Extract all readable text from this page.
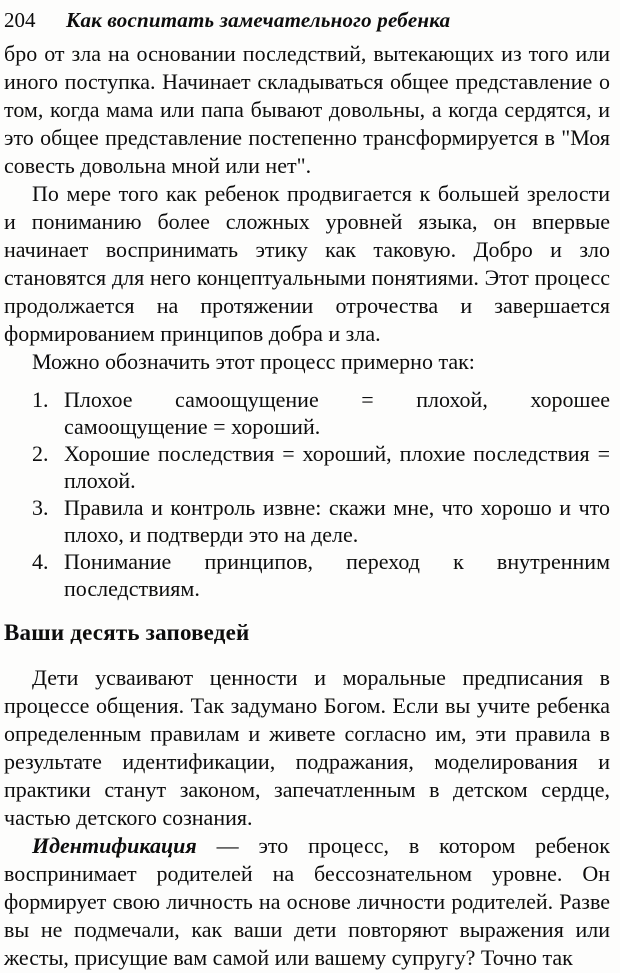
204	Как воспитать замечательного ребенка

бро от зла на основании последствий, вытекающих из того или иного поступка. Начинает складываться общее представление о том, когда мама или папа бывают довольны, а когда сердятся, и это общее представление постепенно трансформируется в "Моя совесть довольна мной или нет".

По мере того как ребенок продвигается к большей зрелости и пониманию более сложных уровней языка, он впервые начинает воспринимать этику как таковую. Добро и зло становятся для него концептуальными понятиями. Этот процесс продолжается на протяжении отрочества и завершается формированием принципов добра и зла.

Можно обозначить этот процесс примерно так:

1. Плохое самоощущение = плохой, хорошее самоощущение = хороший.
2. Хорошие последствия = хороший, плохие последствия = плохой.
3. Правила и контроль извне: скажи мне, что хорошо и что плохо, и подтверди это на деле.
4. Понимание принципов, переход к внутренним последствиям.
Ваши десять заповедей

Дети усваивают ценности и моральные предписания в процессе общения. Так задумано Богом. Если вы учите ребенка определенным правилам и живете согласно им, эти правила в результате идентификации, подражания, моделирования и практики станут законом, запечатленным в детском сердце, частью детского сознания.

Идентификация — это процесс, в котором ребенок воспринимает родителей на бессознательном уровне. Он формирует свою личность на основе личности родителей. Разве вы не подмечали, как ваши дети повторяют выражения или жесты, присущие вам самой или вашему супругу? Точно так
